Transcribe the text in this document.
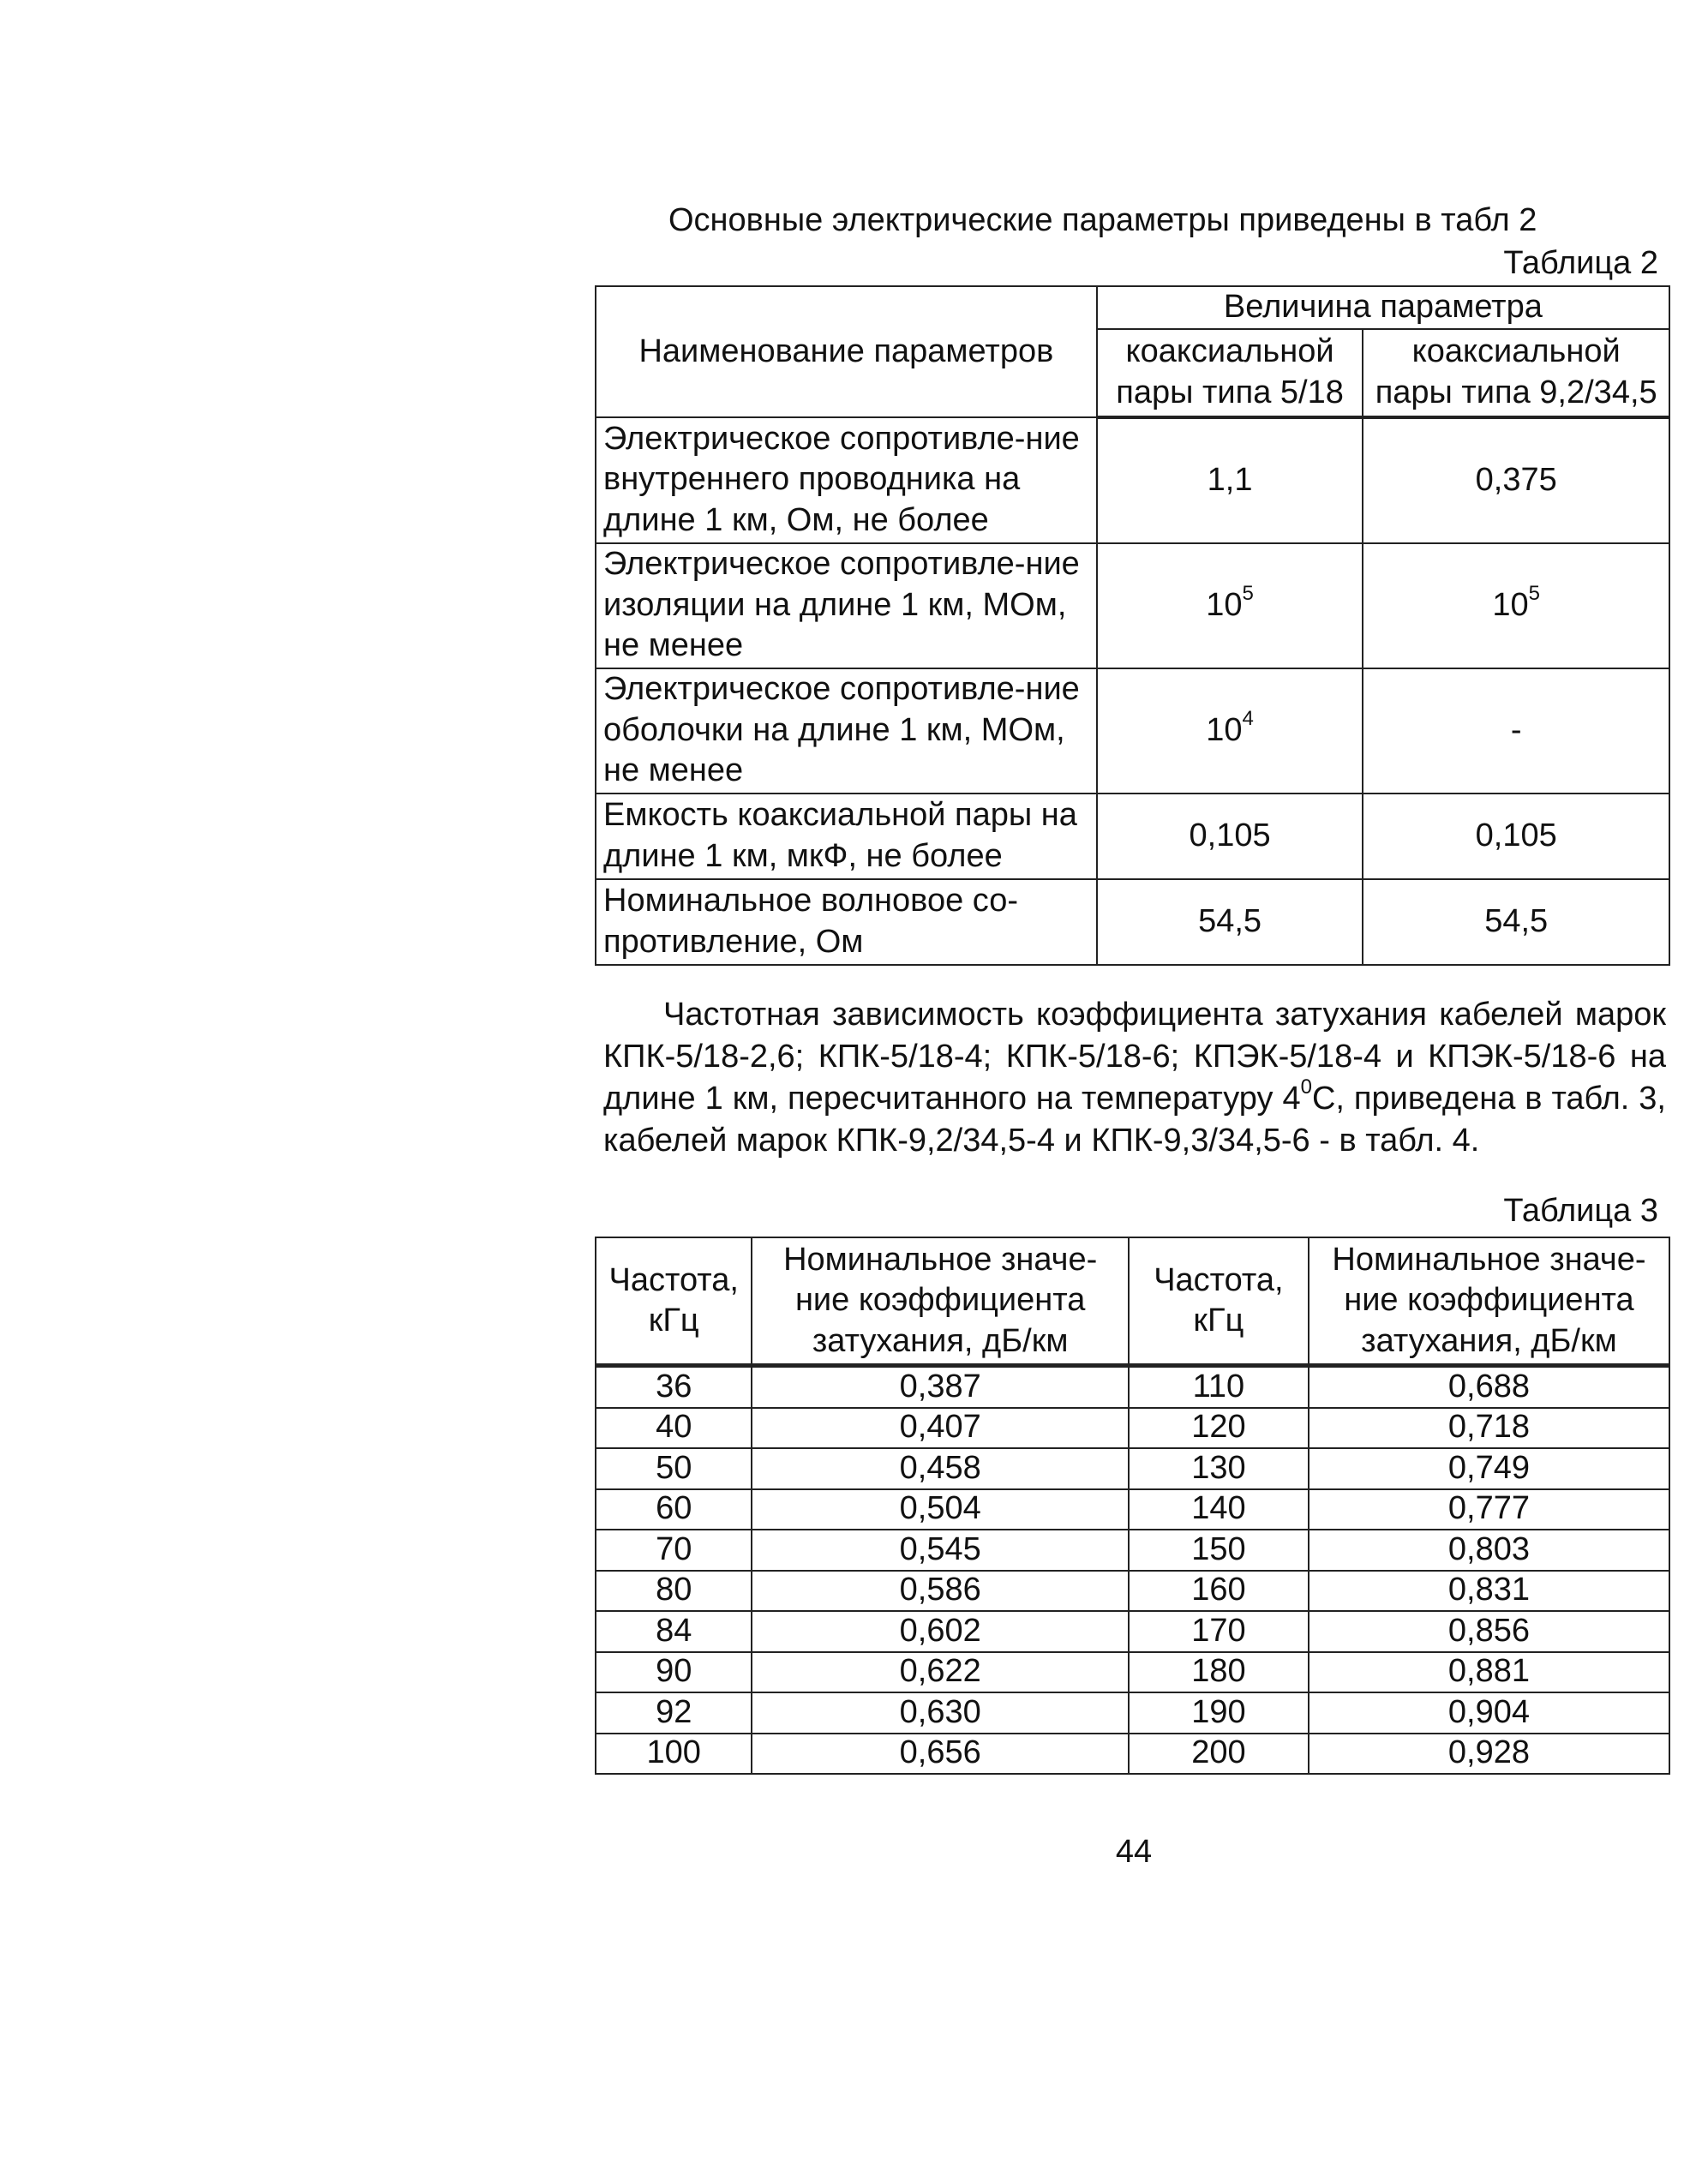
Основные электрические параметры приведены в табл 2

Таблица 2

Наименование параметров	Величина параметра	
	коаксиальной пары типа 5/18	коаксиальной пары типа 9,2/34,5
Электрическое сопротивле-ние внутреннего проводника на длине 1 км, Ом, не более	1,1	0,375
Электрическое сопротивле-ние изоляции на длине 1 км, МОм, не менее	$10^5$	$10^5$
Электрическое сопротивле-ние оболочки на длине 1 км, МОм, не менее	$10^4$	-
Емкость коаксиальной пары на длине 1 км, мкФ, не более	0,105	0,105
Номинальное волновое со-противление, Ом	54,5	54,5

Частотная зависимость коэффициента затухания кабелей марок КПК-5/18-2,6; КПК-5/18-4; КПК-5/18-6; КПЭК-5/18-4 и КПЭК-5/18-6 на длине 1 км, пересчитанного на температуру $4^0С$, приведена в табл. 3, кабелей марок КПК-9,2/34,5-4 и КПК-9,3/34,5-6 - в табл. 4.

Таблица 3

Частота, кГц	Номинальное значе-ние коэффициента затухания, дБ/км	Частота, кГц	Номинальное значе-ние коэффициента затухания, дБ/км
36	0,387	110	0,688
40	0,407	120	0,718
50	0,458	130	0,749
60	0,504	140	0,777
70	0,545	150	0,803
80	0,586	160	0,831
84	0,602	170	0,856
90	0,622	180	0,881
92	0,630	190	0,904
100	0,656	200	0,928

44
